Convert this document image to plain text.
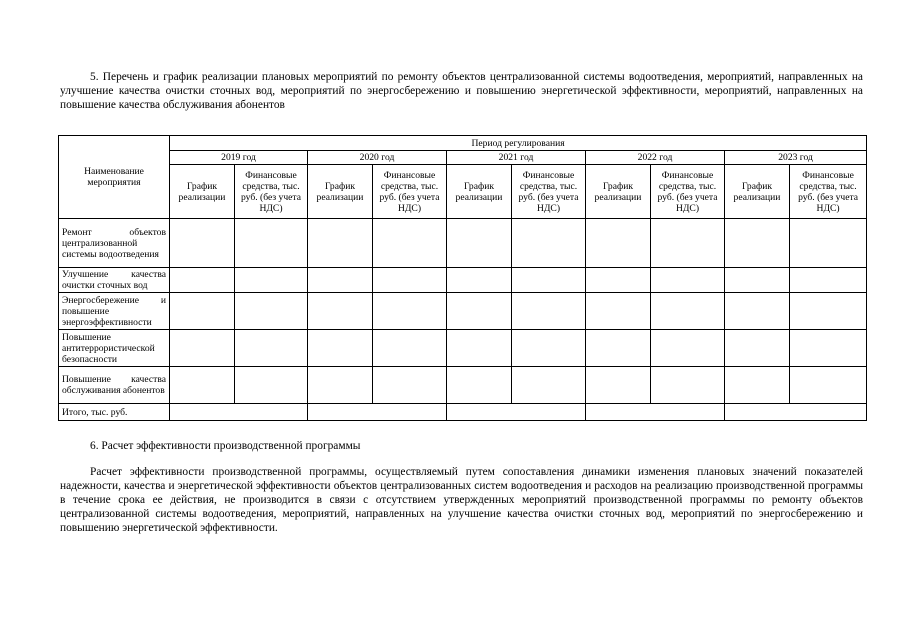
5. Перечень и график реализации плановых мероприятий по ремонту объектов централизованной системы водоотведения, мероприятий, направленных на улучшение качества очистки сточных вод, мероприятий по энергосбережению и повышению энергетической эффективности, мероприятий, направленных на повышение качества обслуживания абонентов

Наименование мероприятия	Период регулирования									
	2019 год		2020 год		2021 год		2022 год		2023 год	
	График реализации	Финансовые средства, тыс. руб. (без учета НДС)	График реализации	Финансовые средства, тыс. руб. (без учета НДС)	График реализации	Финансовые средства, тыс. руб. (без учета НДС)	График реализации	Финансовые средства, тыс. руб. (без учета НДС)	График реализации	Финансовые средства, тыс. руб. (без учета НДС)
Ремонт объектов централизованной системы водоотведения										
Улучшение качества очистки сточных вод										
Энергосбережение и повышение энергоэффективности										
Повышение антитеррористической безопасности										
Повышение качества обслуживания абонентов										
Итого, тыс. руб.										

6. Расчет эффективности производственной программы

Расчет эффективности производственной программы, осуществляемый путем сопоставления динамики изменения плановых значений показателей надежности, качества и энергетической эффективности объектов централизованных систем водоотведения и расходов на реализацию производственной программы в течение срока ее действия, не производится в связи с отсутствием утвержденных мероприятий производственной программы по ремонту объектов централизованной системы водоотведения, мероприятий, направленных на улучшение качества очистки сточных вод, мероприятий по энергосбережению и повышению энергетической эффективности.
